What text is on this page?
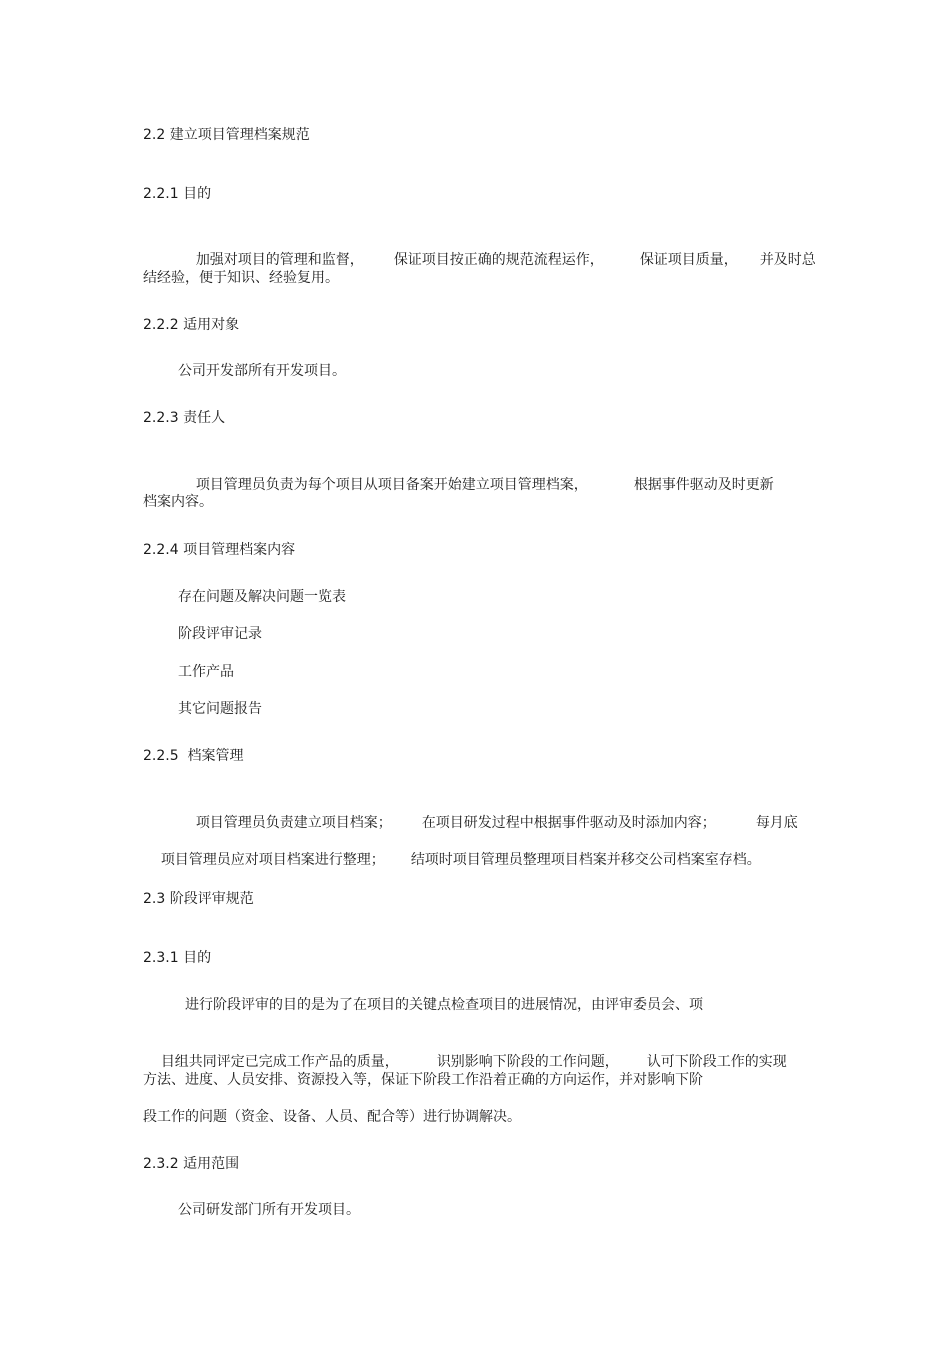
2.2 建立项目管理档案规范
2.2.1 目的

加强对项目的管理和监督， 保证项目按正确的规范流程运作，	保证项目质量， 并及时总

结经验，便于知识、经验复用。
2.2.2 适用对象
公司开发部所有开发项目。
2.2.3 责任人

项目管理员负责为每个项目从项目备案开始建立项目管理档案，	根据事件驱动及时更新

档案内容。
2.2.4 项目管理档案内容
存在问题及解决问题一览表
阶段评审记录
工作产品
其它问题报告
2.2.5  档案管理

项目管理员负责建立项目档案； 在项目研发过程中根据事件驱动及时添加内容；	每月底

项目管理员应对项目档案进行整理； 结项时项目管理员整理项目档案并移交公司档案室存档。

2.3 阶段评审规范
2.3.1 目的
进行阶段评审的目的是为了在项目的关键点检查项目的进展情况，由评审委员会、项

目组共同评定已完成工作产品的质量，	识别影响下阶段的工作问题， 认可下阶段工作的实现

方法、进度、人员安排、资源投入等，保证下阶段工作沿着正确的方向运作，并对影响下阶
段工作的问题（资金、设备、人员、配合等）进行协调解决。
2.3.2 适用范围
公司研发部门所有开发项目。
